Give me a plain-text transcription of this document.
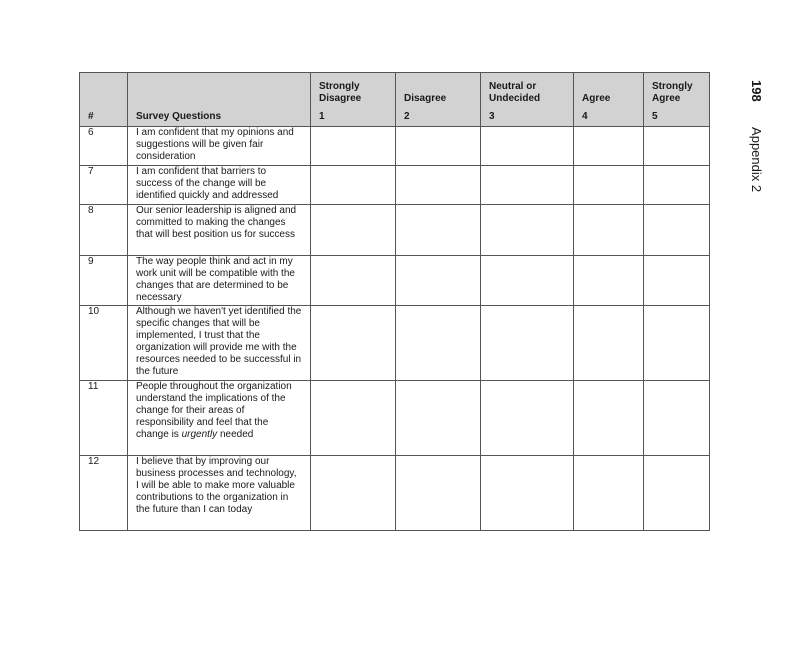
#	Survey Questions	Strongly Disagree	Disagree	Neutral or Undecided	Agree	Strongly Agree
		1	2	3	4	5
6	I am confident that my opinions and suggestions will be given fair consideration					
7	I am confident that barriers to success of the change will be identified quickly and addressed					
8	Our senior leadership is aligned and committed to making the changes that will best position us for success					
9	The way people think and act in my work unit will be compatible with the changes that are determined to be necessary					
10	Although we haven't yet identified the specific changes that will be implemented, I trust that the organization will provide me with the resources needed to be successful in the future					
11	People throughout the organization understand the implications of the change for their areas of responsibility and feel that the change is urgently needed					
12	I believe that by improving our business processes and technology, I will be able to make more valuable contributions to the organization in the future than I can today					
198 Appendix 2
